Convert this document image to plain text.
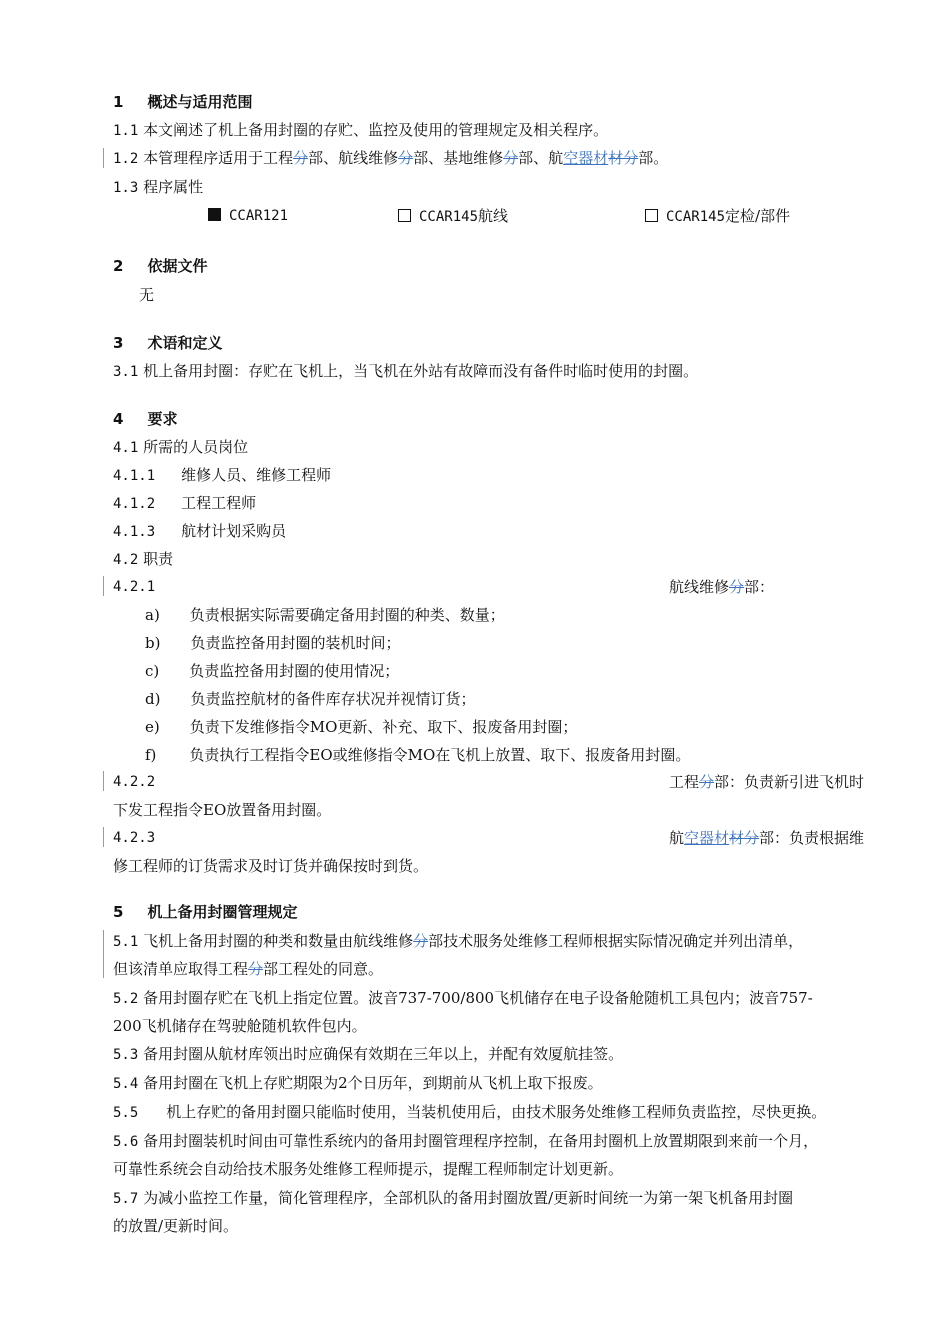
1 概述与适用范围
1.1 本文阐述了机上备用封圈的存贮、监控及使用的管理规定及相关程序。
1.2 本管理程序适用于工程分部、航线维修分部、基地维修分部、航空器材材分部。
1.3 程序属性
CCAR121	CCAR145航线	CCAR145定检/部件
2 依据文件
无
3 术语和定义
3.1 机上备用封圈：存贮在飞机上，当飞机在外站有故障而没有备件时临时使用的封圈。
4 要求
4.1 所需的人员岗位
4.1.1 维修人员、维修工程师
4.1.2 工程工程师
4.1.3 航材计划采购员
4.2 职责
4.2.1	航线维修分部：
a) 负责根据实际需要确定备用封圈的种类、数量；
b) 负责监控备用封圈的装机时间；
c) 负责监控备用封圈的使用情况；
d) 负责监控航材的备件库存状况并视情订货；
e) 负责下发维修指令MO更新、补充、取下、报废备用封圈；
f) 负责执行工程指令EO或维修指令MO在飞机上放置、取下、报废备用封圈。
4.2.2	工程分部：负责新引进飞机时
下发工程指令EO放置备用封圈。
4.2.3	航空器材材分部：负责根据维
修工程师的订货需求及时订货并确保按时到货。
5 机上备用封圈管理规定
5.1 飞机上备用封圈的种类和数量由航线维修分部技术服务处维修工程师根据实际情况确定并列出清单，
但该清单应取得工程分部工程处的同意。
5.2 备用封圈存贮在飞机上指定位置。波音737-700/800飞机储存在电子设备舱随机工具包内；波音757-
200飞机储存在驾驶舱随机软件包内。
5.3 备用封圈从航材库领出时应确保有效期在三年以上，并配有效厦航挂签。
5.4 备用封圈在飞机上存贮期限为2个日历年，到期前从飞机上取下报废。
5.5 机上存贮的备用封圈只能临时使用，当装机使用后，由技术服务处维修工程师负责监控，尽快更换。
5.6 备用封圈装机时间由可靠性系统内的备用封圈管理程序控制，在备用封圈机上放置期限到来前一个月，
可靠性系统会自动给技术服务处维修工程师提示，提醒工程师制定计划更新。
5.7 为减小监控工作量，简化管理程序，全部机队的备用封圈放置/更新时间统一为第一架飞机备用封圈
的放置/更新时间。
